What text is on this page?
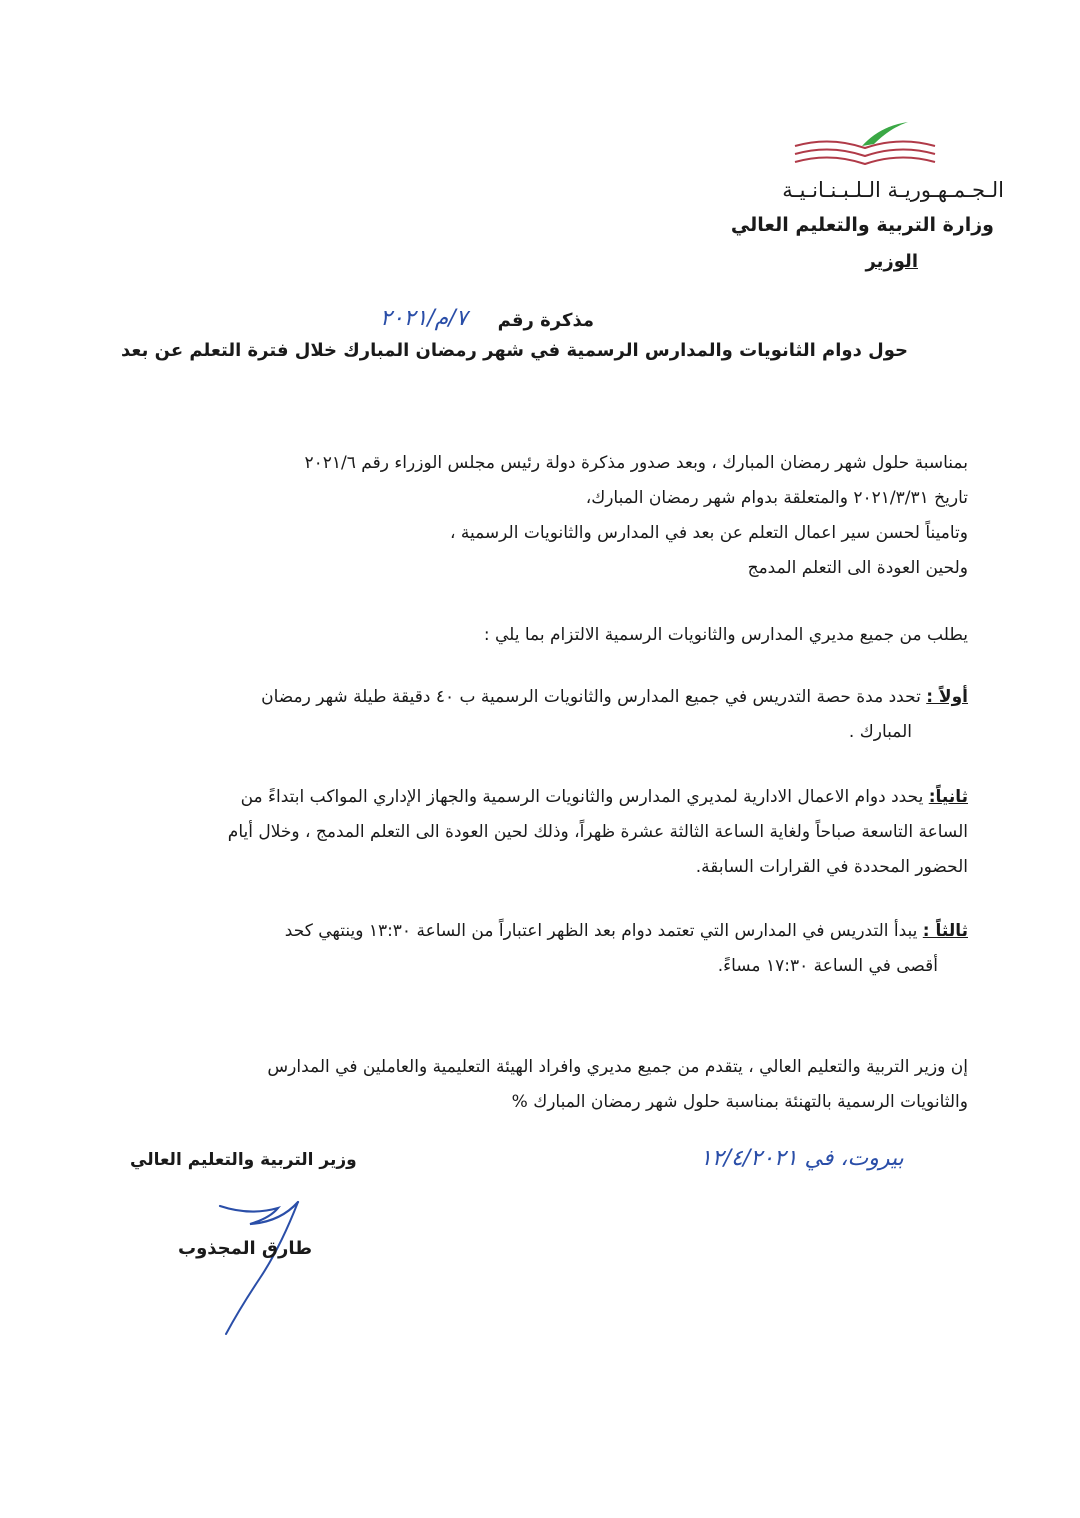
الـجـمـهـوريـة الـلـبـنـانـيـة
وزارة التربية والتعليم العالي
الوزير
مذكرة رقم
٧/م/٢٠٢١
حول دوام الثانويات والمدارس الرسمية في شهر رمضان المبارك خلال فترة التعلم عن بعد
بمناسبة حلول شهر رمضان المبارك ، وبعد صدور مذكرة دولة رئيس مجلس الوزراء رقم ٢٠٢١/٦
تاريخ ٢٠٢١/٣/٣١ والمتعلقة بدوام شهر رمضان المبارك،
وتاميناً لحسن سير اعمال التعلم عن بعد في المدارس والثانويات الرسمية ،
ولحين العودة الى التعلم المدمج
يطلب من جميع مديري المدارس والثانويات الرسمية الالتزام بما يلي :
أولاً : تحدد مدة حصة التدريس في جميع المدارس والثانويات الرسمية ب ٤٠ دقيقة طيلة شهر رمضان
المبارك .
ثانياً: يحدد دوام الاعمال الادارية لمديري المدارس والثانويات الرسمية والجهاز الإداري المواكب ابتداءً من
الساعة التاسعة صباحاً ولغاية الساعة الثالثة عشرة ظهراً، وذلك لحين العودة الى التعلم المدمج ، وخلال أيام
الحضور المحددة في القرارات السابقة.
ثالثاً : يبدأ التدريس في المدارس التي تعتمد دوام بعد الظهر اعتباراً من الساعة ١٣:٣٠ وينتهي كحد
أقصى في الساعة ١٧:٣٠ مساءً.
إن وزير التربية والتعليم العالي ، يتقدم من جميع مديري وافراد الهيئة التعليمية والعاملين في المدارس
والثانويات الرسمية بالتهنئة بمناسبة حلول شهر رمضان المبارك %
وزير التربية والتعليم العالي	بيروت، في ١٢/٤/٢٠٢١
طارق المجذوب
